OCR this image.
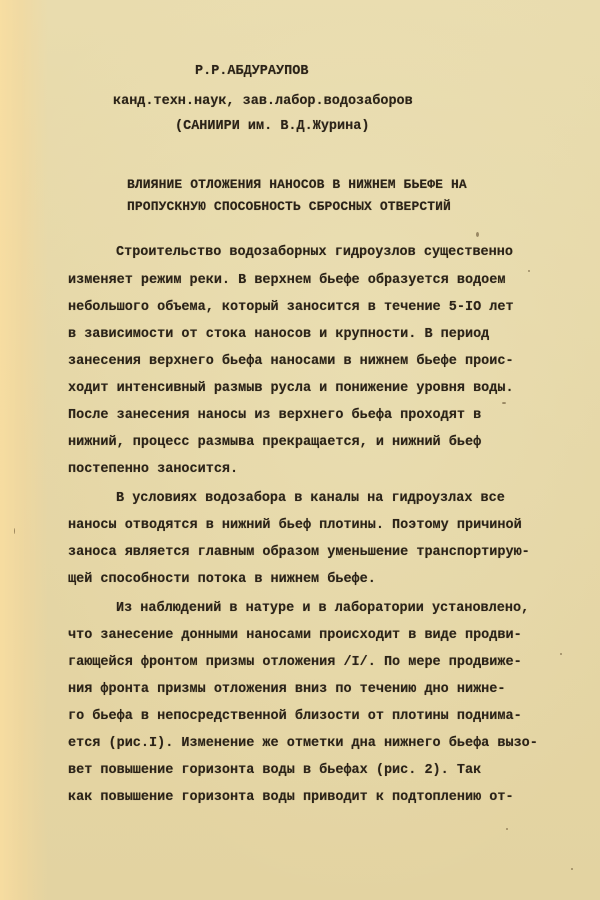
Р.Р.АБДУРАУПОВ
канд.техн.наук, зав.лабор.водозаборов
(САНИИРИ им. В.Д.Журина)
ВЛИЯНИЕ ОТЛОЖЕНИЯ НАНОСОВ В НИЖНЕМ БЬЕФЕ НА
ПРОПУСКНУЮ СПОСОБНОСТЬ СБРОСНЫХ ОТВЕРСТИЙ
Строительство водозаборных гидроузлов существенно
изменяет режим реки. В верхнем бьефе образуется водоем
небольшого объема, который заносится в течение 5-IO лет
в зависимости от стока наносов и крупности. В период
занесения верхнего бьефа наносами в нижнем бьефе проис-
ходит интенсивный размыв русла и понижение уровня воды.
После занесения наносы из верхнего бьефа проходят в
нижний, процесс размыва прекращается, и нижний бьеф
постепенно заносится.
В условиях водозабора в каналы на гидроузлах все
наносы отводятся в нижний бьеф плотины. Поэтому причиной
заноса является главным образом уменьшение транспортирую-
щей способности потока в нижнем бьефе.
Из наблюдений в натуре и в лаборатории установлено,
что занесение донными наносами происходит в виде продви-
гающейся фронтом призмы отложения /I/. По мере продвиже-
ния фронта призмы отложения вниз по течению дно нижне-
го бьефа в непосредственной близости от плотины поднима-
ется (рис.I). Изменение же отметки дна нижнего бьефа вызо-
вет повышение горизонта воды в бьефах (рис. 2). Так
как повышение горизонта воды приводит к подтоплению от-
